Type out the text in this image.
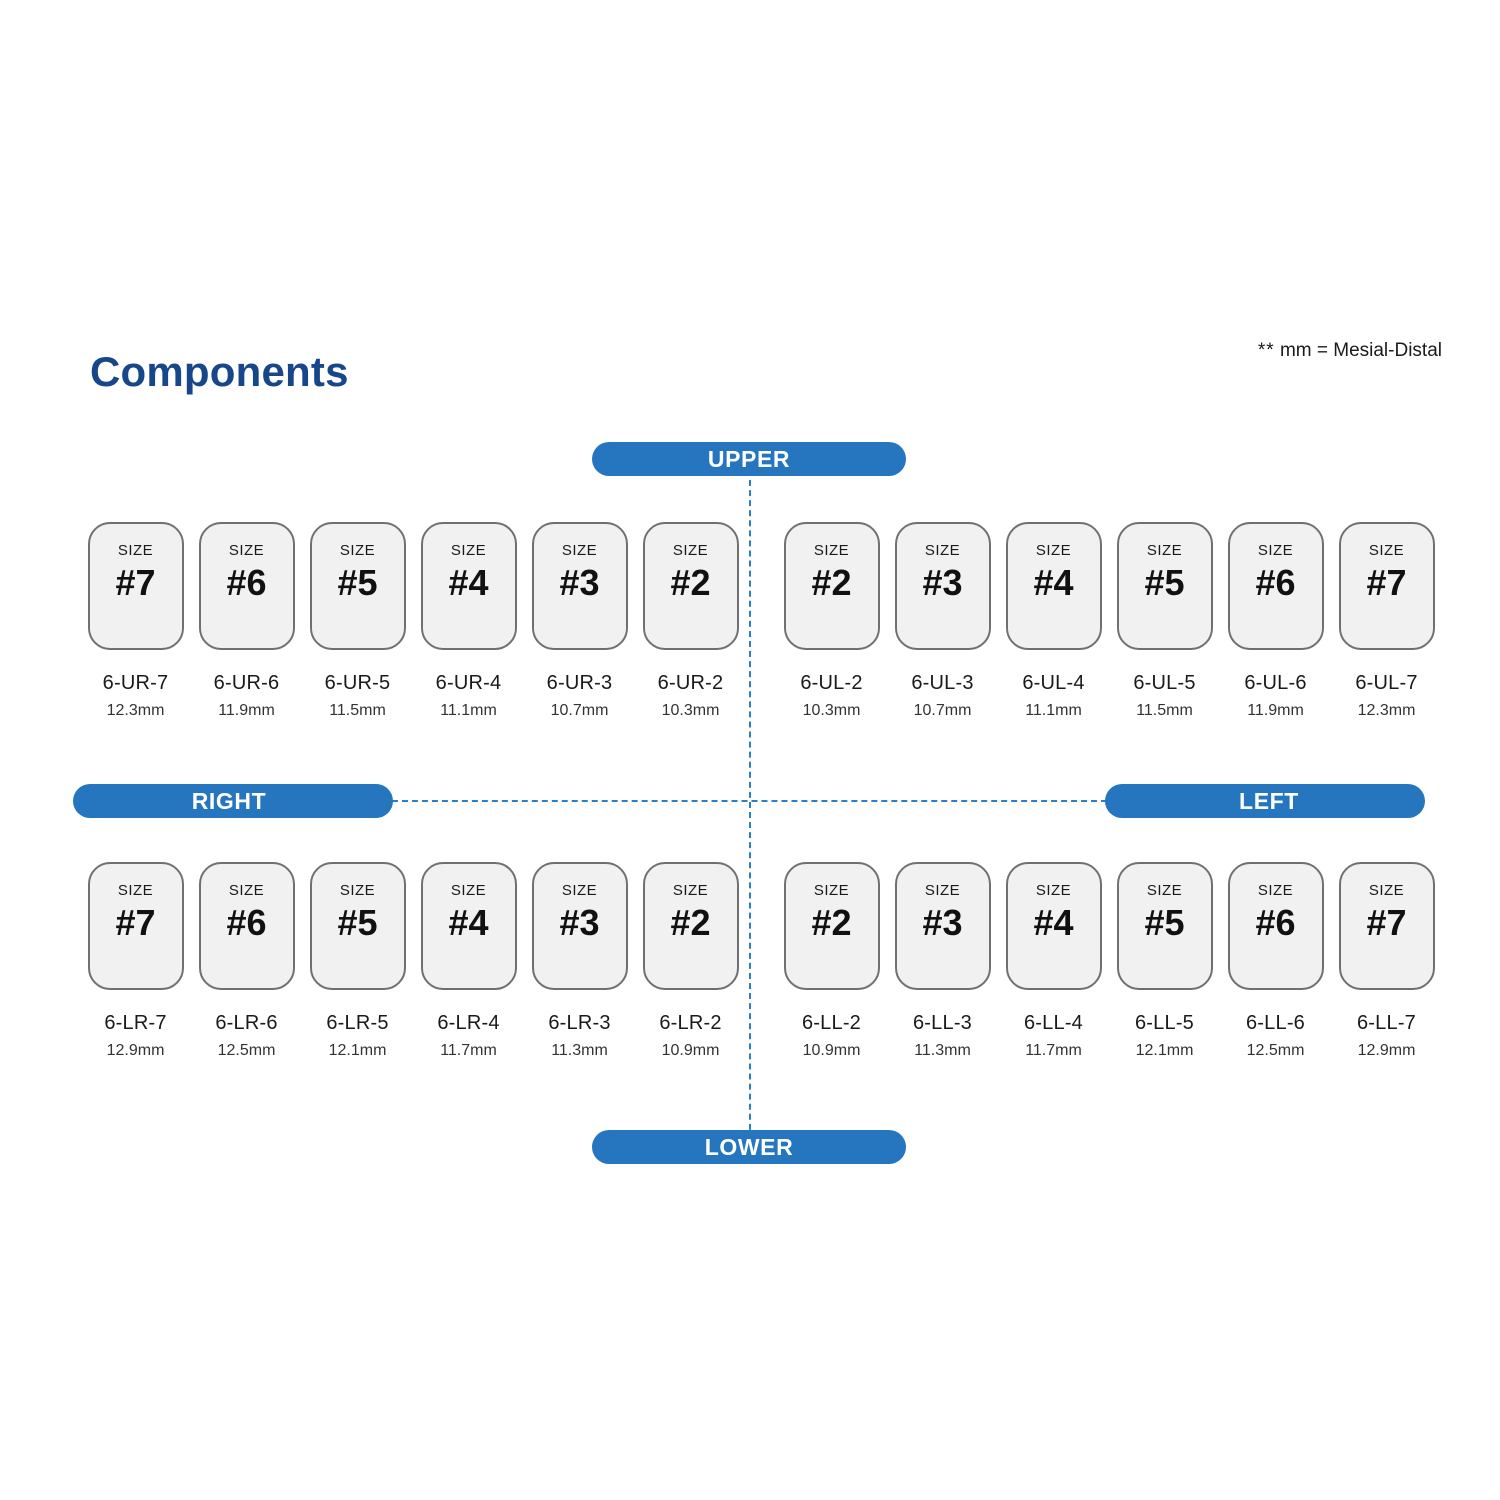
Components	** mm = Mesial-Distal
UPPER
LOWER
RIGHT	LEFT
SIZE
#7
6-UR-7
12.3mm
SIZE
#6
6-UR-6
11.9mm
SIZE
#5
6-UR-5
11.5mm
SIZE
#4
6-UR-4
11.1mm
SIZE
#3
6-UR-3
10.7mm
SIZE
#2
6-UR-2
10.3mm
SIZE
#2
6-UL-2
10.3mm
SIZE
#3
6-UL-3
10.7mm
SIZE
#4
6-UL-4
11.1mm
SIZE
#5
6-UL-5
11.5mm
SIZE
#6
6-UL-6
11.9mm
SIZE
#7
6-UL-7
12.3mm
SIZE
#7
6-LR-7
12.9mm
SIZE
#6
6-LR-6
12.5mm
SIZE
#5
6-LR-5
12.1mm
SIZE
#4
6-LR-4
11.7mm
SIZE
#3
6-LR-3
11.3mm
SIZE
#2
6-LR-2
10.9mm
SIZE
#2
6-LL-2
10.9mm
SIZE
#3
6-LL-3
11.3mm
SIZE
#4
6-LL-4
11.7mm
SIZE
#5
6-LL-5
12.1mm
SIZE
#6
6-LL-6
12.5mm
SIZE
#7
6-LL-7
12.9mm
